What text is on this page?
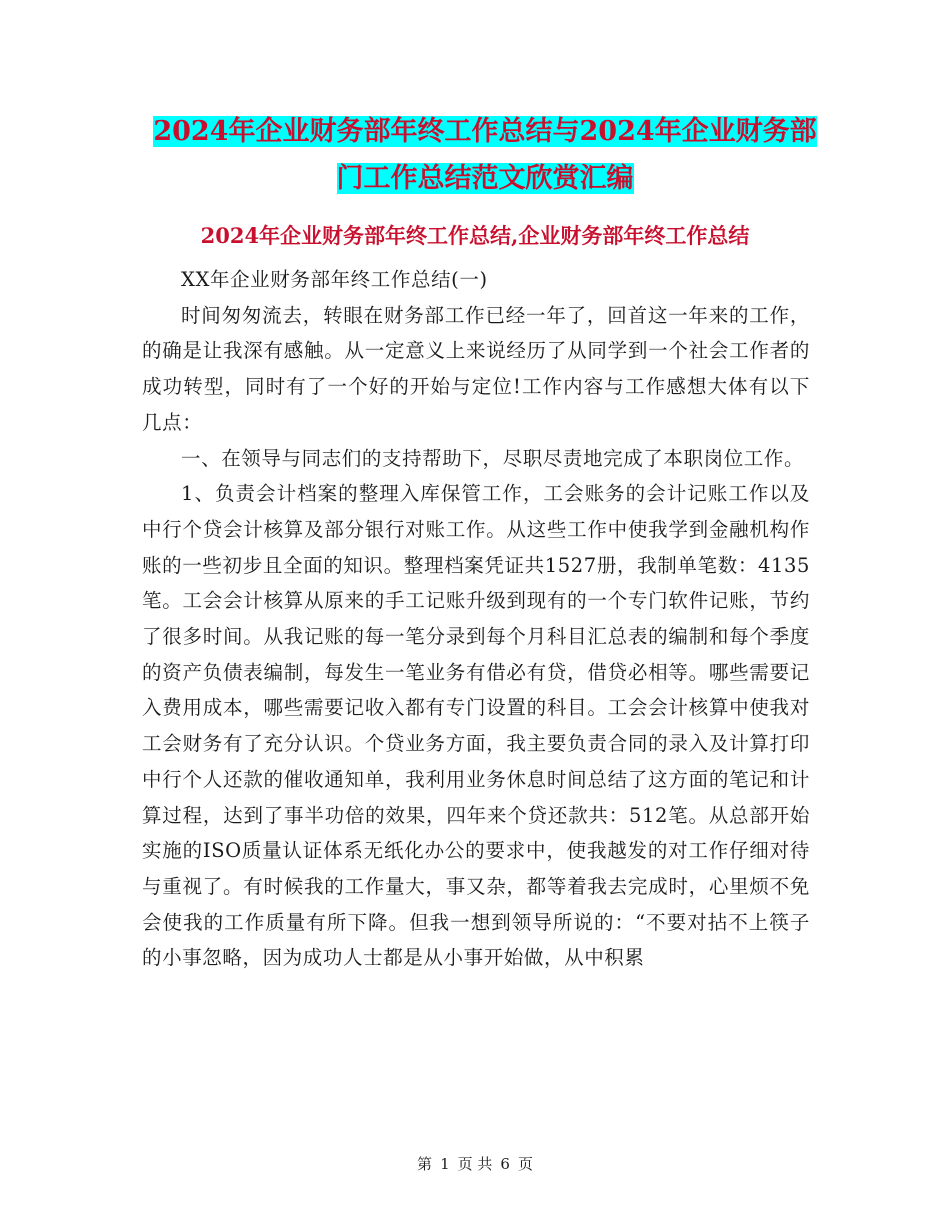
2024年企业财务部年终工作总结与2024年企业财务部门工作总结范文欣赏汇编
2024年企业财务部年终工作总结,企业财务部年终工作总结

XX年企业财务部年终工作总结(一)

时间匆匆流去，转眼在财务部工作已经一年了，回首这一年来的工作，的确是让我深有感触。从一定意义上来说经历了从同学到一个社会工作者的成功转型，同时有了一个好的开始与定位!工作内容与工作感想大体有以下几点：

一、在领导与同志们的支持帮助下，尽职尽责地完成了本职岗位工作。

1、负责会计档案的整理入库保管工作，工会账务的会计记账工作以及中行个贷会计核算及部分银行对账工作。从这些工作中使我学到金融机构作账的一些初步且全面的知识。整理档案凭证共1527册，我制单笔数：4135笔。工会会计核算从原来的手工记账升级到现有的一个专门软件记账，节约了很多时间。从我记账的每一笔分录到每个月科目汇总表的编制和每个季度的资产负债表编制，每发生一笔业务有借必有贷，借贷必相等。哪些需要记入费用成本，哪些需要记收入都有专门设置的科目。工会会计核算中使我对工会财务有了充分认识。个贷业务方面，我主要负责合同的录入及计算打印中行个人还款的催收通知单，我利用业务休息时间总结了这方面的笔记和计算过程，达到了事半功倍的效果，四年来个贷还款共：512笔。从总部开始实施的ISO质量认证体系无纸化办公的要求中，使我越发的对工作仔细对待与重视了。有时候我的工作量大，事又杂，都等着我去完成时，心里烦不免会使我的工作质量有所下降。但我一想到领导所说的：“不要对拈不上筷子的小事忽略，因为成功人士都是从小事开始做，从中积累

第 1 页 共 6 页
